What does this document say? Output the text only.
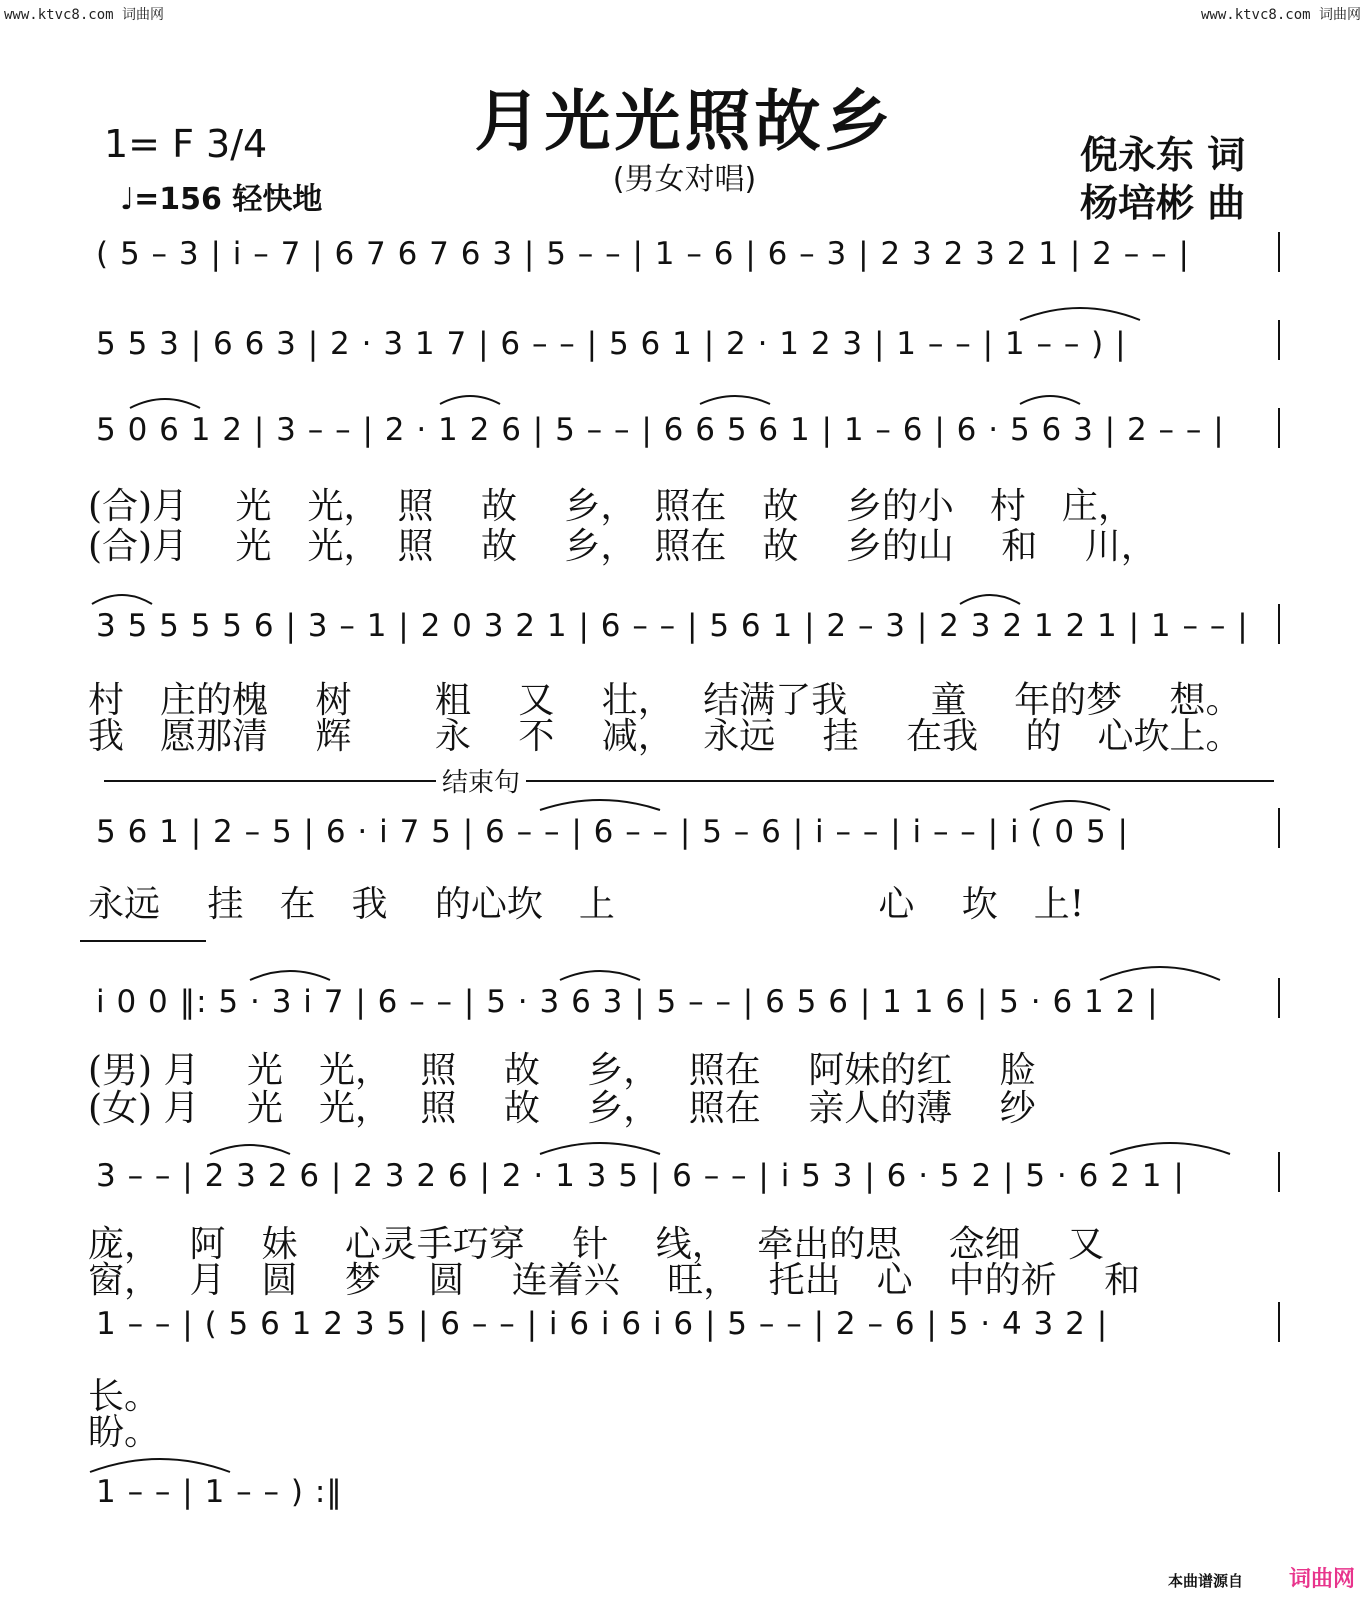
www.ktvc8.com 词曲网	www.ktvc8.com 词曲网
月光光照故乡
(男女对唱)
1= F 3/4
♩=156 轻快地
倪永东 词
杨培彬 曲
( 5 – 3 | i – 7 | 6 7 6 7 6 3 | 5 – – | 1 – 6 | 6 – 3 | 2 3 2 3 2 1 | 2 – – |
5 5 3 | 6 6 3 | 2 · 3 1 7 | 6 – – | 5 6 1 | 2 · 1 2 3 | 1 – – | 1 – – ) |
5 0 6 1 2 | 3 – – | 2 · 1 2 6 | 5 – – | 6 6 5 6 1 | 1 – 6 | 6 · 5 6 3 | 2 – – |
(合)月　 光　光，　照　 故　 乡，　照在　故　 乡的小　村　庄，
(合)月　 光　光，　照　 故　 乡，　照在　故　 乡的山　 和　 川，
3 5 5 5 5 6 | 3 – 1 | 2 0 3 2 1 | 6 – – | 5 6 1 | 2 – 3 | 2 3 2 1 2 1 | 1 – – |
村　庄的槐　 树　　 粗　 又　 壮，　 结满了我　　 童　 年的梦　 想。
我　愿那清　 辉　　 永　 不　 减，　 永远　 挂　 在我　 的　心坎上。
结束句
5 6 1 | 2 – 5 | 6 · i 7 5 | 6 – – | 6 – – | 5 – 6 | i – – | i – – | i ( 0 5 |
永远　 挂　在　我　 的心坎　上　　　　　　　 心　 坎　上!
i 0 0 ‖: 5 · 3 i 7 | 6 – – | 5 · 3 6 3 | 5 – – | 6 5 6 | 1 1 6 | 5 · 6 1 2 |
(男) 月　 光　光，　 照　 故　 乡，　 照在　 阿妹的红　 脸
(女) 月　 光　光，　 照　 故　 乡，　 照在　 亲人的薄　 纱
3 – – | 2 3 2 6 | 2 3 2 6 | 2 · 1 3 5 | 6 – – | i 5 3 | 6 · 5 2 | 5 · 6 2 1 |
庞，　 阿　妹　 心灵手巧穿　 针　 线，　 牵出的思　 念细　 又
窗，　 月　圆　 梦　 圆　 连着兴　 旺，　 托出　心　中的祈　 和
1 – – | ( 5 6 1 2 3 5 | 6 – – | i 6 i 6 i 6 | 5 – – | 2 – 6 | 5 · 4 3 2 |
长。
盼。
1 – – | 1 – – ) :‖
本曲谱源自 词曲网
